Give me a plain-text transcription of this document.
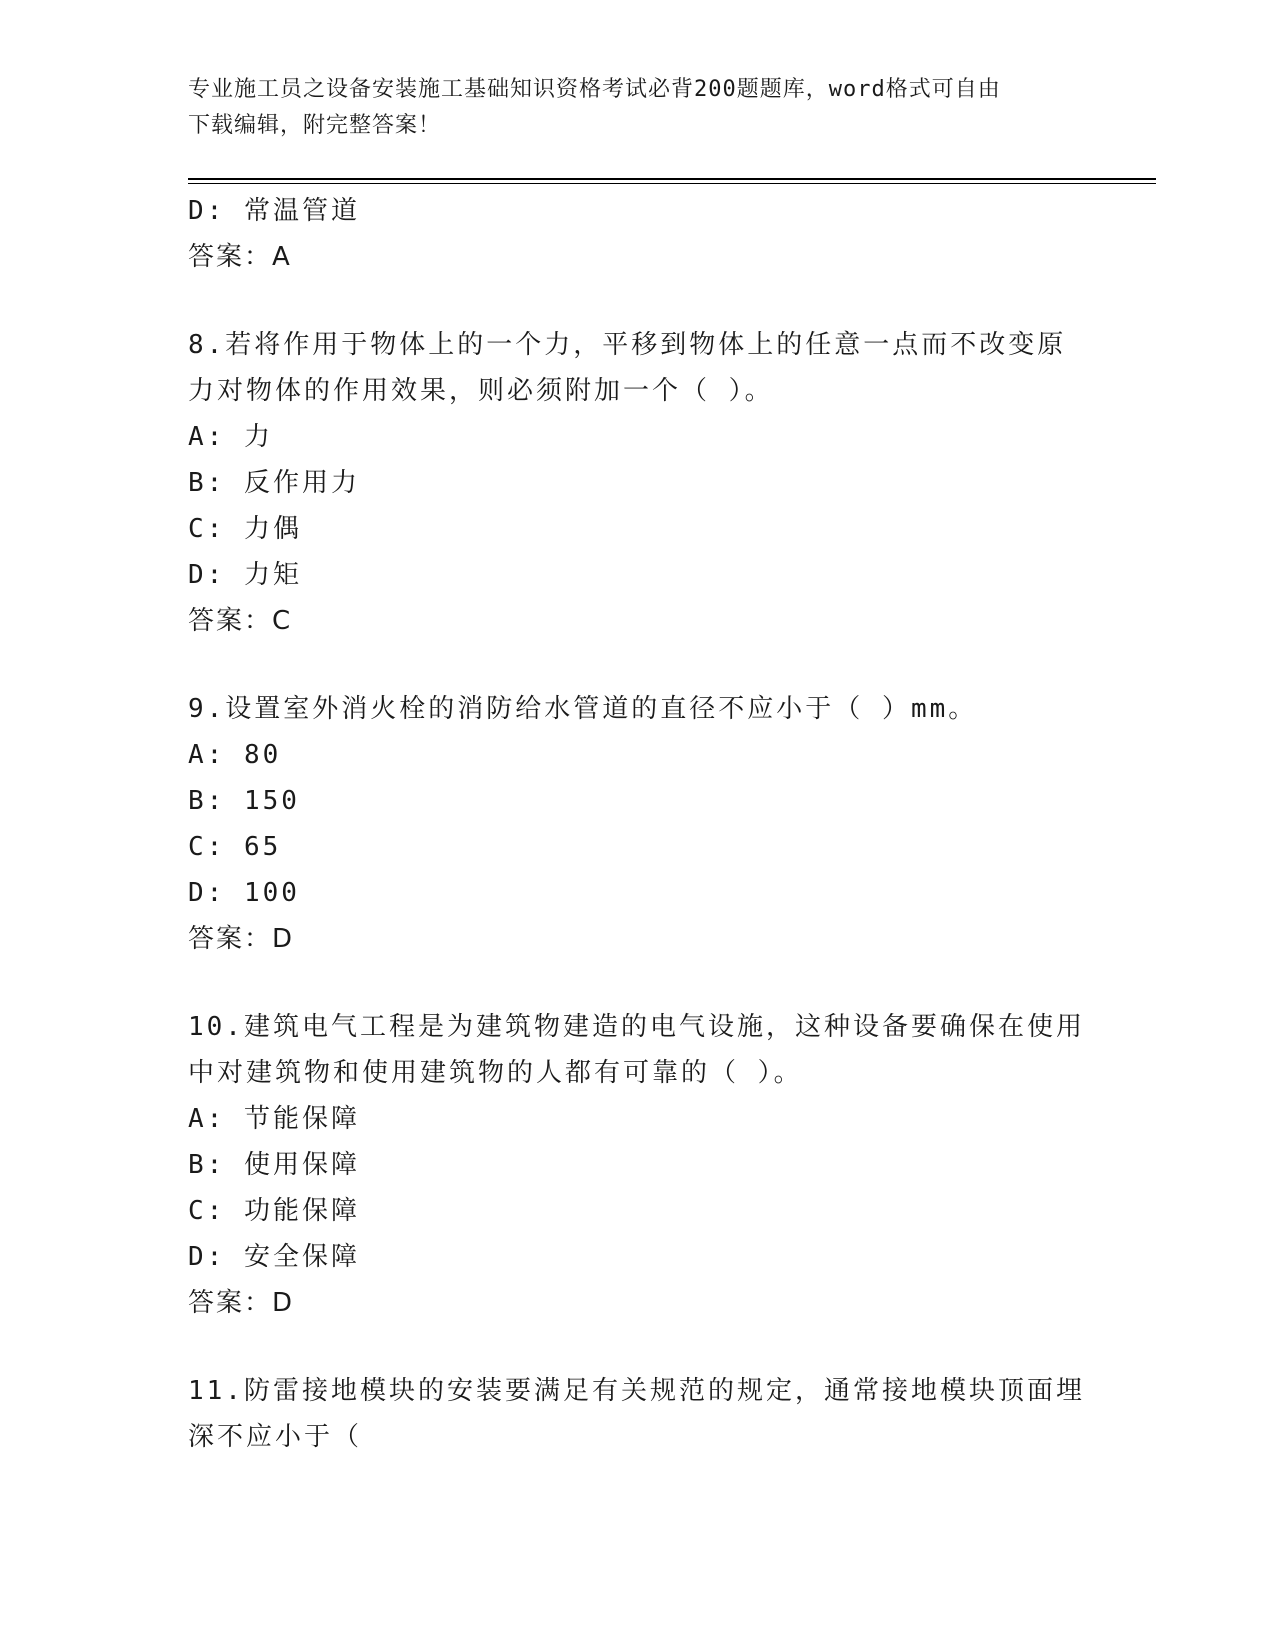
专业施工员之设备安装施工基础知识资格考试必背200题题库，word格式可自由
下载编辑，附完整答案！
D: 常温管道
答案：A
8.若将作用于物体上的一个力，平移到物体上的任意一点而不改变原
力对物体的作用效果，则必须附加一个（ ）。
A: 力
B: 反作用力
C: 力偶
D: 力矩
答案：C
9.设置室外消火栓的消防给水管道的直径不应小于（ ）mm。
A: 80
B: 150
C: 65
D: 100
答案：D
10.建筑电气工程是为建筑物建造的电气设施，这种设备要确保在使用
中对建筑物和使用建筑物的人都有可靠的（ ）。
A: 节能保障
B: 使用保障
C: 功能保障
D: 安全保障
答案：D
11.防雷接地模块的安装要满足有关规范的规定，通常接地模块顶面埋
深不应小于（
